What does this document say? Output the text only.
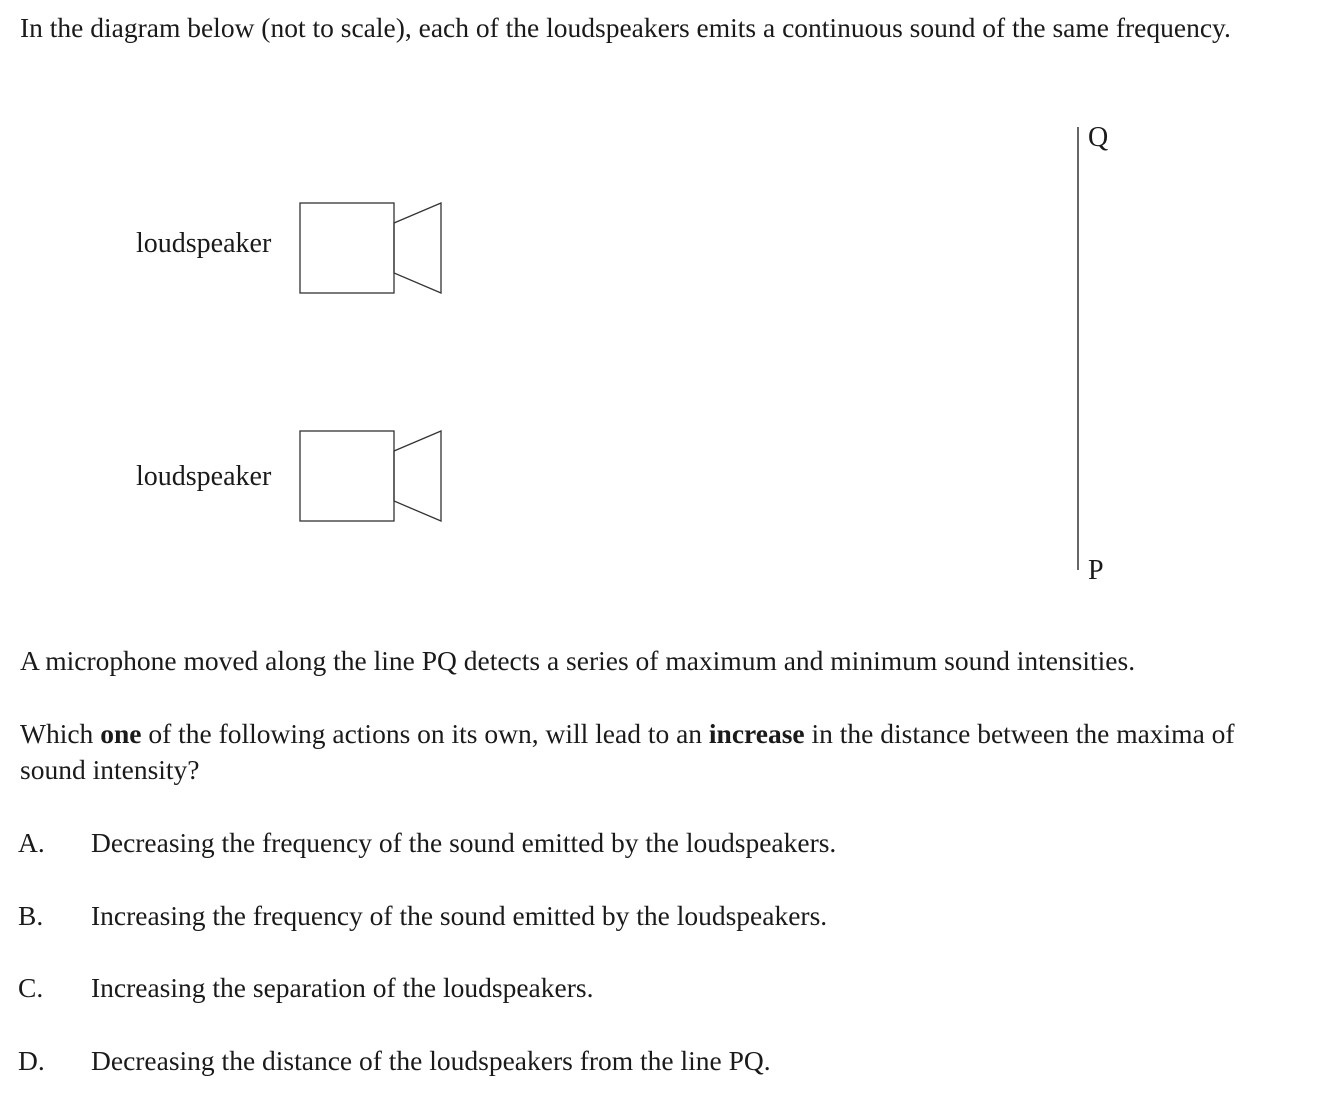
In the diagram below (not to scale), each of the loudspeakers emits a continuous sound of the same frequency.

loudspeaker
loudspeaker
Q
P

A microphone moved along the line PQ detects a series of maximum and minimum sound intensities.

Which one of the following actions on its own, will lead to an increase in the distance between the maxima of sound intensity?

A. Decreasing the frequency of the sound emitted by the loudspeakers.
B. Increasing the frequency of the sound emitted by the loudspeakers.
C. Increasing the separation of the loudspeakers.
D. Decreasing the distance of the loudspeakers from the line PQ.
